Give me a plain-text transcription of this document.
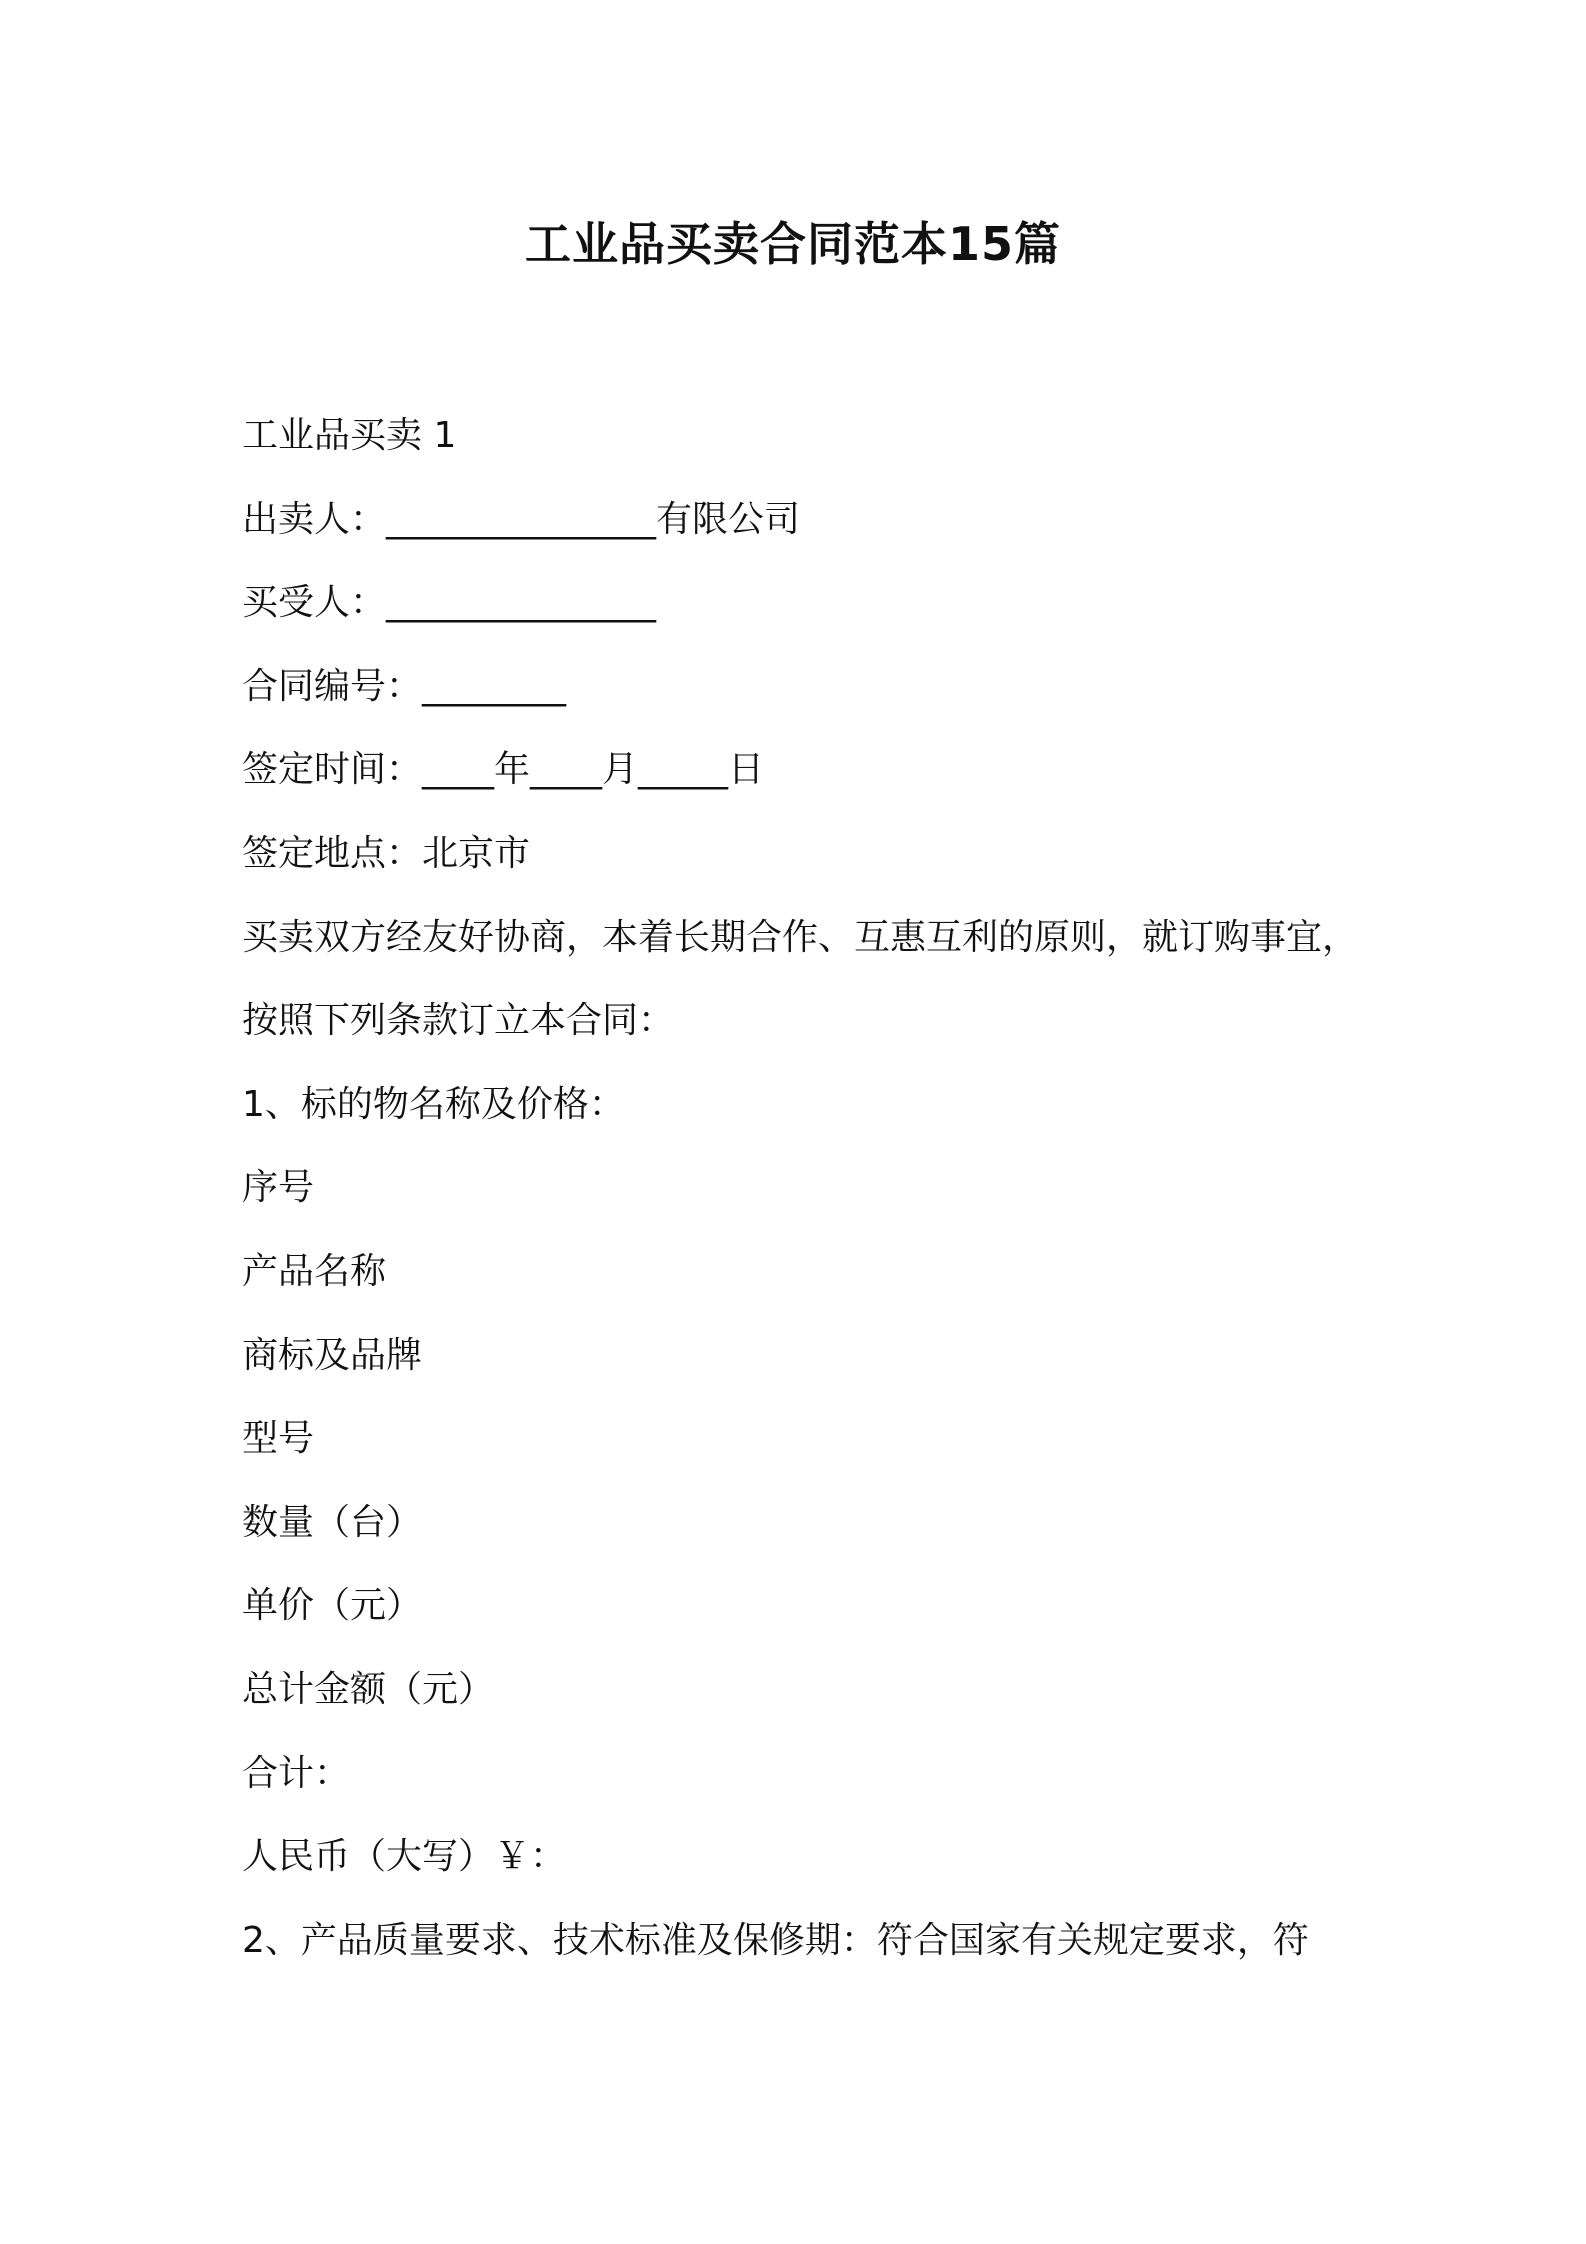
工业品买卖合同范本15篇

工业品买卖 1

出卖人：_______________有限公司

买受人：_______________

合同编号：________

签定时间：____年____月_____日

签定地点：北京市

买卖双方经友好协商，本着长期合作、互惠互利的原则，就订购事宜，

按照下列条款订立本合同：

1、标的物名称及价格：

序号

产品名称

商标及品牌

型号

数量（台）

单价（元）

总计金额（元）

合计：

人民币（大写）￥：

2、产品质量要求、技术标准及保修期：符合国家有关规定要求，符
